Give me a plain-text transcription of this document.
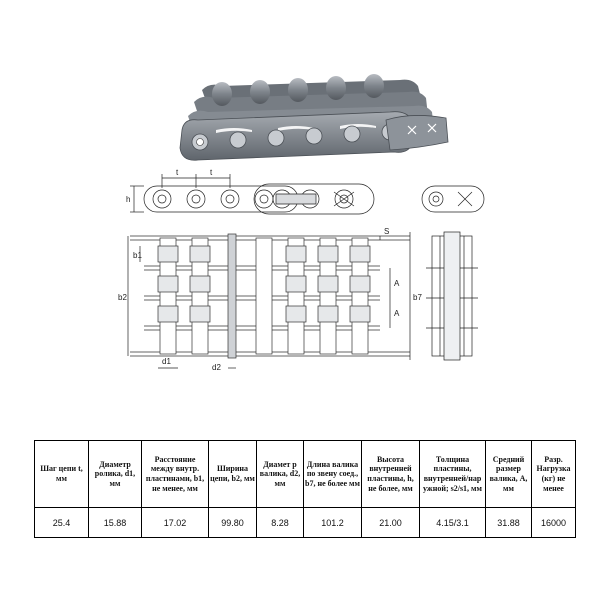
t	t
h
b1
b2
S
A
A
b7
d1
d2
Шаг цепи t, мм	Диаметр ролика, d1, мм	Расстояние между внутр. пластинами, b1, не менее, мм	Ширина цепи, b2, мм	Диамет р валика, d2, мм	Длина валика по звену соед., b7, не более мм	Высота внутренней пластины, h, не более, мм	Толщина пластины, внутренней/нар ужной; s2/s1, мм	Средний размер валика, A, мм	Разр. Нагрузка (кг) не менее
25.4	15.88	17.02	99.80	8.28	101.2	21.00	4.15/3.1	31.88	16000
